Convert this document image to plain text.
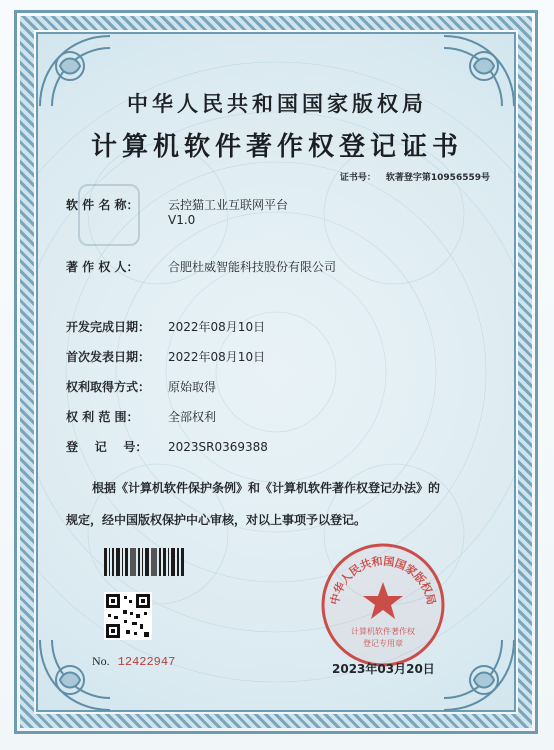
中华人民共和国国家版权局
计算机软件著作权登记证书
证书号： 软著登字第10956559号
软 件 名 称： 云控猫工业互联网平台
V1.0
著 作 权 人： 合肥杜威智能科技股份有限公司
开发完成日期： 2022年08月10日
首次发表日期： 2022年08月10日
权利取得方式： 原始取得
权 利 范 围： 全部权利
登    记    号： 2023SR0369388
根据《计算机软件保护条例》和《计算机软件著作权登记办法》的
规定，经中国版权保护中心审核，对以上事项予以登记。
No. 12422947
中华人民共和国国家版权局
计算机软件著作权
登记专用章
2023年03月20日
